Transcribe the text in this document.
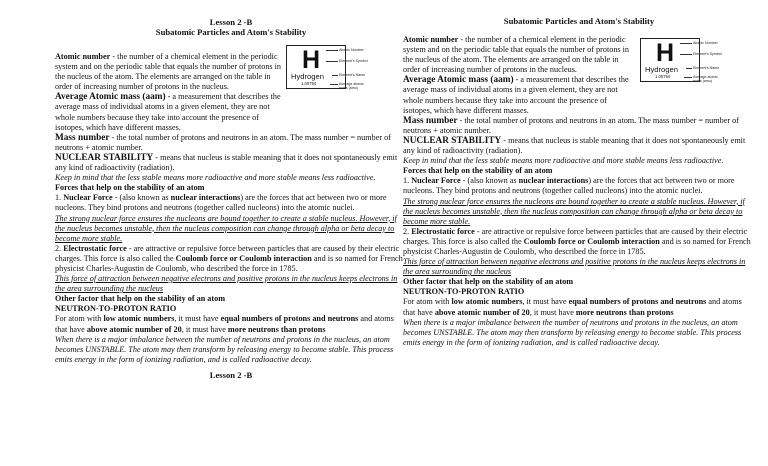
Lesson 2 -B
Subatomic Particles and Atom's Stability

Atomic number - the number of a chemical element in the periodic system and on the periodic table that equals the number of protons in the nucleus of the atom. The elements are arranged on the table in order of increasing number of protons in the nucleus.

Average Atomic mass (aam) - a measurement that describes the average mass of individual atoms in a given element, they are not whole numbers because they take into account the presence of isotopes, which have different masses.

Mass number - the total number of protons and neutrons in an atom. The mass number = number of neutrons + atomic number.

NUCLEAR STABILITY - means that nucleus is stable meaning that it does not spontaneously emit any kind of radioactivity (radiation).

Keep in mind that the less stable means more radioactive and more stable means less radioactive.

Forces that help on the stability of an atom

1. Nuclear Force - (also known as nuclear interactions) are the forces that act between two or more nucleons. They bind protons and neutrons (together called nucleons) into the atomic nuclei.

The strong nuclear force ensures the nucleons are bound together to create a stable nucleus. However, if the nucleus becomes unstable, then the nucleus composition can change through alpha or beta decay to become more stable.

2. Electrostatic force - are attractive or repulsive force between particles that are caused by their electric charges. This force is also called the Coulomb force or Coulomb interaction and is so named for French physicist Charles-Augustin de Coulomb, who described the force in 1785.

This force of attraction between negative electrons and positive protons in the nucleus keeps electrons in the area surrounding the nucleus

Other factor that help on the stability of an atom

NEUTRON-TO-PROTON RATIO

For atom with low atomic numbers, it must have equal numbers of protons and neutrons and atoms that have above atomic number of 20, it must have more neutrons than protons

When there is a major imbalance between the number of neutrons and protons in the nucleus, an atom becomes UNSTABLE. The atom may then transform by releasing energy to become stable. This process emits energy in the form of ionizing radiation, and is called radioactive decay.

Lesson 2 -B
H
Hydrogen
1.00794
Atomic Number
Element's Symbol
Element's Name
Average atomic mass (amu)
Subatomic Particles and Atom's Stability

Atomic number - the number of a chemical element in the periodic system and on the periodic table that equals the number of protons in the nucleus of the atom. The elements are arranged on the table in order of increasing number of protons in the nucleus.

Average Atomic mass (aam) - a measurement that describes the average mass of individual atoms in a given element, they are not whole numbers because they take into account the presence of isotopes, which have different masses.

Mass number - the total number of protons and neutrons in an atom. The mass number = number of neutrons + atomic number.

NUCLEAR STABILITY - means that nucleus is stable meaning that it does not spontaneously emit any kind of radioactivity (radiation).

Keep in mind that the less stable means more radioactive and more stable means less radioactive.

Forces that help on the stability of an atom

1. Nuclear Force - (also known as nuclear interactions) are the forces that act between two or more nucleons. They bind protons and neutrons (together called nucleons) into the atomic nuclei.

The strong nuclear force ensures the nucleons are bound together to create a stable nucleus. However, if the nucleus becomes unstable, then the nucleus composition can change through alpha or beta decay to become more stable.

2. Electrostatic force - are attractive or repulsive force between particles that are caused by their electric charges. This force is also called the Coulomb force or Coulomb interaction and is so named for French physicist Charles-Augustin de Coulomb, who described the force in 1785.

This force of attraction between negative electrons and positive protons in the nucleus keeps electrons in the area surrounding the nucleus

Other factor that help on the stability of an atom

NEUTRON-TO-PROTON RATIO

For atom with low atomic numbers, it must have equal numbers of protons and neutrons and atoms that have above atomic number of 20, it must have more neutrons than protons

When there is a major imbalance between the number of neutrons and protons in the nucleus, an atom becomes UNSTABLE. The atom may then transform by releasing energy to become stable. This process emits energy in the form of ionizing radiation, and is called radioactive decay.

H
Hydrogen
1.00794
Atomic Number
Element's Symbol
Element's Name
Average atomic mass (amu)
